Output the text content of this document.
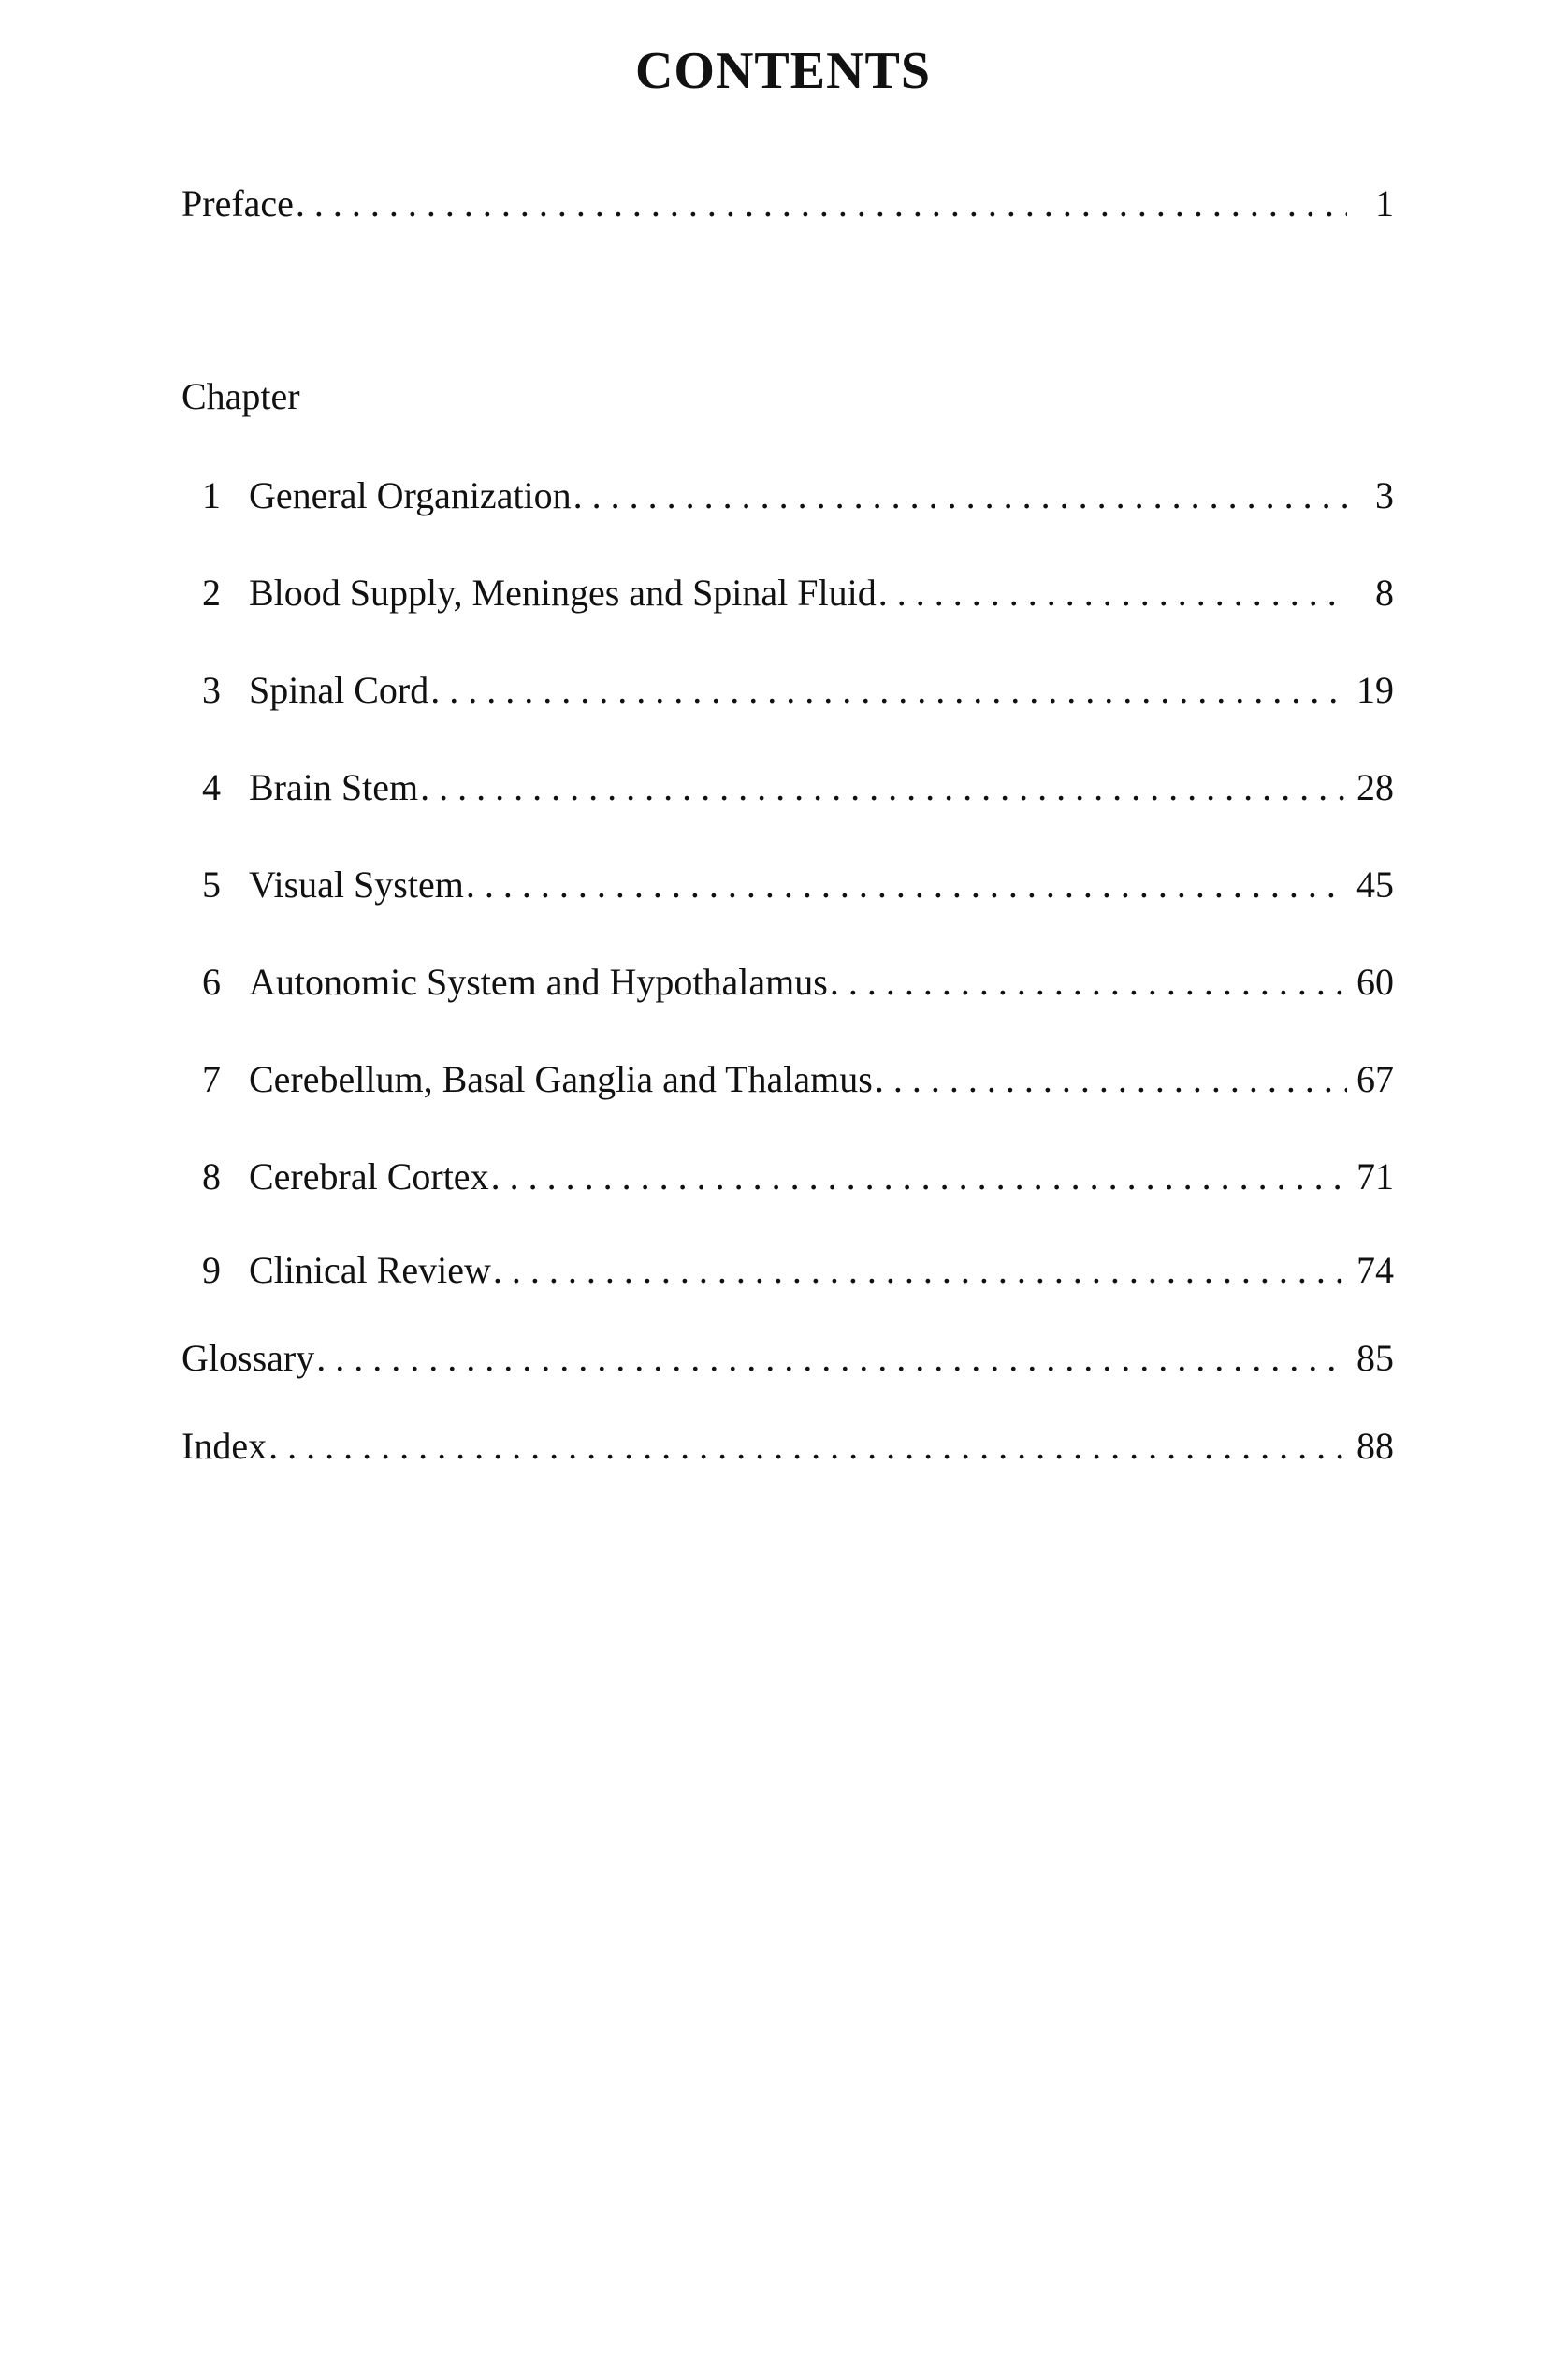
CONTENTS
Preface . . .	1
Chapter
1 General Organization . . .	3
2 Blood Supply, Meninges and Spinal Fluid . . .	8
3 Spinal Cord . . .	19
4 Brain Stem . . .	28
5 Visual System . . .	45
6 Autonomic System and Hypothalamus . . .	60
7 Cerebellum, Basal Ganglia and Thalamus . . .	67
8 Cerebral Cortex . . .	71
9 Clinical Review . . .	74
Glossary . . .	85
Index . . .	88
